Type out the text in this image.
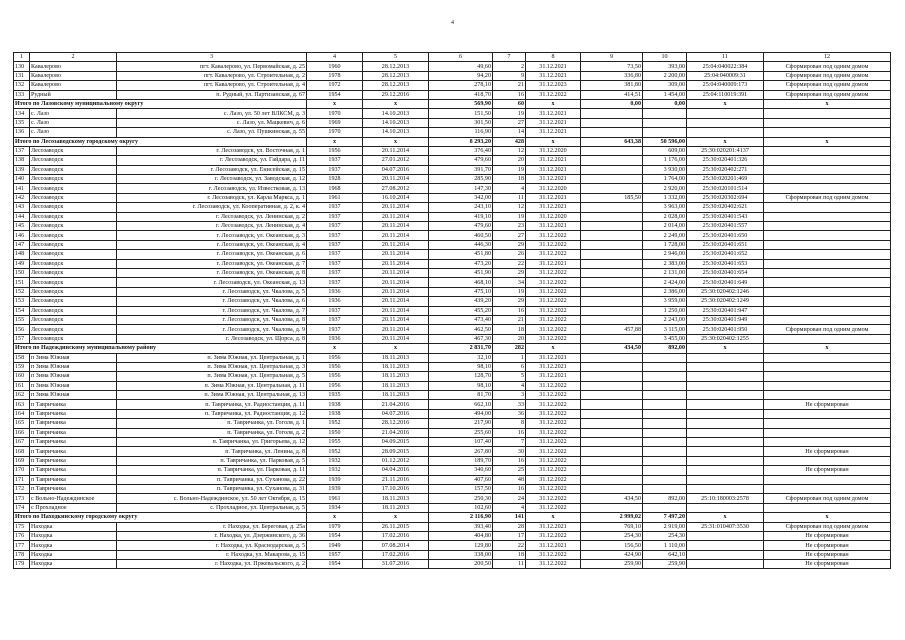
4
1	2	3	4	5	6	7	8	9	10	11	12
130	Кавалерово	пгт. Кавалерово, ул. Первомайская, д. 25	1960	28.12.2013	49,60	2	31.12.2021	73,50	393,00	25:04:040022:384	Сформирован под одним домом
131	Кавалерово	пгт. Кавалерово, ул. Строительная, д. 2	1978	28.12.2013	94,20	9	31.12.2021	336,80	2 200,00	25:04:040009:31	Сформирован под одним домом
132	Кавалерово	пгт. Кавалерово, ул. Строительная, д. 4	1972	28.12.2013	278,10	21	31.12.2023	381,80	309,00	25:04:040009:173	Сформирован под одним домом
133	Рудный	п. Рудный, ул. Партизанская, д. 67	1954	29.12.2016	418,70	16	31.12.2022	414,51	1 454,00	25:04:110019:391	Сформирован под одним домом
Итого по Лазовскому муниципальному округу			х	х	569,90	60	х	0,00	0,00	х	х
134	с. Лазо	с. Лазо, ул. 50 лет ВЛКСМ, д. 3	1970	14.10.2013	151,50	19	31.12.2021				
135	с. Лазо	с. Лазо, ул. Мацкевич, д. 6	1969	14.10.2013	301,50	27	31.12.2021				
136	с. Лазо	с. Лазо, ул. Пушкинская, д. 55	1970	14.10.2013	116,90	14	31.12.2021				
Итого по Лесозаводскому городскому округу			х	х	8 293,20	428	х	643,38	50 596,00	х	х
137	Лесозаводск	г. Лесозаводск, ул. Восточная, д. 1	1956	20.11.2014	376,40	12	31.12.2020		609,00	25:30:020201:4137	
138	Лесозаводск	г. Лесозаводск, ул. Гайдара, д. 11	1937	27.01.2012	479,60	20	31.12.2021		1 176,00	25:30:020401:326	
139	Лесозаводск	г. Лесозаводск, ул. Енисейская, д. 15	1937	04.07.2016	391,70	19	31.12.2021		3 930,00	25:30:020402:271	
140	Лесозаводск	г. Лесозаводск, ул. Заводская, д. 12	1928	20.11.2014	285,90	18	31.12.2021		1 764,00	25:30:020201:469	
141	Лесозаводск	г. Лесозаводск, ул. Известковая, д. 13	1968	27.08.2012	147,30	4	31.12.2020		2 920,00	25:30:020101:514	
142	Лесозаводск	г. Лесозаводск, ул. Карла Маркса, д. 1	1961	16.10.2014	342,00	11	31.12.2021	185,50	1 332,00	25:30:020302:694	Сформирован под одним домом
143	Лесозаводск	г. Лесозаводск, ул. Кооперативная, д. 2, к. 4	1937	20.11.2014	243,10	12	31.12.2021		3 963,00	25:30:020402:621	
144	Лесозаводск	г. Лесозаводск, ул. Ленинская, д. 2	1937	20.11.2014	419,10	19	31.12.2020		2 028,00	25:30:020401:543	
145	Лесозаводск	г. Лесозаводск, ул. Ленинская, д. 4	1937	20.11.2014	479,60	23	31.12.2021		2 014,00	25:30:020401:557	
146	Лесозаводск	г. Лесозаводск, ул. Океанская, д. 3	1937	20.11.2014	460,50	27	31.12.2022		2 249,00	25:30:020401:650	
147	Лесозаводск	г. Лесозаводск, ул. Океанская, д. 4	1937	20.11.2014	446,30	29	31.12.2022		1 728,00	25:30:020401:651	
148	Лесозаводск	г. Лесозаводск, ул. Океанская, д. 6	1937	20.11.2014	451,80	26	31.12.2022		2 946,00	25:30:020401:652	
149	Лесозаводск	г. Лесозаводск, ул. Океанская, д. 7	1937	20.11.2014	473,20	22	31.12.2021		2 383,00	25:30:020401:653	
150	Лесозаводск	г. Лесозаводск, ул. Океанская, д. 8	1937	20.11.2014	451,90	29	31.12.2022		2 131,00	25:30:020401:654	
151	Лесозаводск	г. Лесозаводск, ул. Океанская, д. 13	1937	20.11.2014	468,10	34	31.12.2022		2 424,00	25:30:020401:649	
152	Лесозаводск	г. Лесозаводск, ул. Чкалова, д. 5	1936	20.11.2014	475,10	19	31.12.2022		2 386,00	25:30:020402:1246	
153	Лесозаводск	г. Лесозаводск, ул. Чкалова, д. 6	1936	20.11.2014	439,20	29	31.12.2022		3 959,00	25:30:020402:1249	
154	Лесозаводск	г. Лесозаводск, ул. Чкалова, д. 7	1937	20.11.2014	455,20	16	31.12.2022		1 250,00	25:30:020401:947	
155	Лесозаводск	г. Лесозаводск, ул. Чкалова, д. 8	1937	20.11.2014	473,40	21	31.12.2022		2 243,00	25:30:020401:949	
156	Лесозаводск	г. Лесозаводск, ул. Чкалова, д. 9	1937	20.11.2014	462,50	18	31.12.2022	457,88	3 115,00	25:30:020401:950	Сформирован под одним домом
157	Лесозаводск	г. Лесозаводск, ул. Щорса, д. 8	1936	20.11.2014	467,30	20	31.12.2022		3 455,00	25:30:020402:1255	
Итого по Надеждинскому муниципальному району			х	х	2 831,70	282	х	434,50	892,00	х	х
158	п Зима Южная	п. Зима Южная, ул. Центральная, д. 1	1956	18.11.2013	32,10	1	31.12.2021				
159	п Зима Южная	п. Зима Южная, ул. Центральная, д. 3	1956	18.11.2013	98,10	6	31.12.2021				
160	п Зима Южная	п. Зима Южная, ул. Центральная, д. 5	1956	18.11.2013	128,70	5	31.12.2021				
161	п Зима Южная	п. Зима Южная, ул. Центральная, д. 11	1956	18.11.2013	98,10	4	31.12.2022				
162	п Зима Южная	п. Зима Южная, ул. Центральная, д. 13	1935	18.11.2013	81,70	3	31.12.2022				
163	п Тавричанка	п. Тавричанка, ул. Радиостанция, д. 11	1938	21.04.2016	662,10	33	31.12.2022				Не сформирован
164	п Тавричанка	п. Тавричанка, ул. Радиостанция, д. 12	1938	04.07.2016	494,00	36	31.12.2022				
165	п Тавричанка	п. Тавричанка, ул. Гоголя, д. 1	1952	28.12.2016	217,90	8	31.12.2022				
166	п Тавричанка	п. Тавричанка, ул. Гоголя, д. 2	1950	21.04.2016	255,60	16	31.12.2022				
167	п Тавричанка	п. Тавричанка, ул. Григорьева, д. 12	1955	04.09.2015	107,40	7	31.12.2022				
168	п Тавричанка	п. Тавричанка, ул. Ленина, д. 8	1952	28.09.2015	267,80	30	31.12.2022				Не сформирован
169	п Тавричанка	п. Тавричанка, ул. Парковая, д. 5	1932	01.12.2012	189,70	16	31.12.2022				
170	п Тавричанка	п. Тавричанка, ул. Парковая, д. 11	1932	04.04.2016	340,60	25	31.12.2022				Не сформирован
171	п Тавричанка	п. Тавричанка, ул. Суханова, д. 22	1939	21.11.2016	407,60	48	31.12.2022				
172	п Тавричанка	п. Тавричанка, ул. Суханова, д. 31	1939	17.10.2016	157,50	16	31.12.2022				
173	с Вольно-Надеждинское	с. Вольно-Надеждинское, ул. 50 лет Октября, д. 15	1961	18.11.2013	250,30	24	31.12.2022	434,50	892,00	25:10:180003:2578	Сформирован под одним домом
174	с Прохладное	с. Прохладное, ул. Центральная, д. 5	1934	18.11.2013	102,60	4	31.12.2022				
Итого по Находкинскому городскому округу			х	х	2 116,90	141	х	2 999,02	7 497,20	х	х
175	Находка	г. Находка, ул. Береговая, д. 25а	1979	26.11.2015	393,40	28	31.12.2021	769,10	2 919,00	25:31:010407:3530	Сформирован под одним домом
176	Находка	г. Находка, ул. Дзержинского, д. 36	1954	17.02.2016	404,80	17	31.12.2022	254,30	254,30		Не сформирован
177	Находка	г. Находка, ул. Краснодарская, д. 5	1949	07.08.2014	129,80	22	31.12.2021	156,50	1 110,00		Не сформирован
178	Находка	г. Находка, ул. Макарова, д. 15	1957	17.02.2016	338,00	18	31.12.2022	424,90	642,10		Не сформирован
179	Находка	г. Находка, ул. Пржевальского, д. 2	1954	31.07.2016	200,50	11	31.12.2022	259,90	259,90		Не сформирован
